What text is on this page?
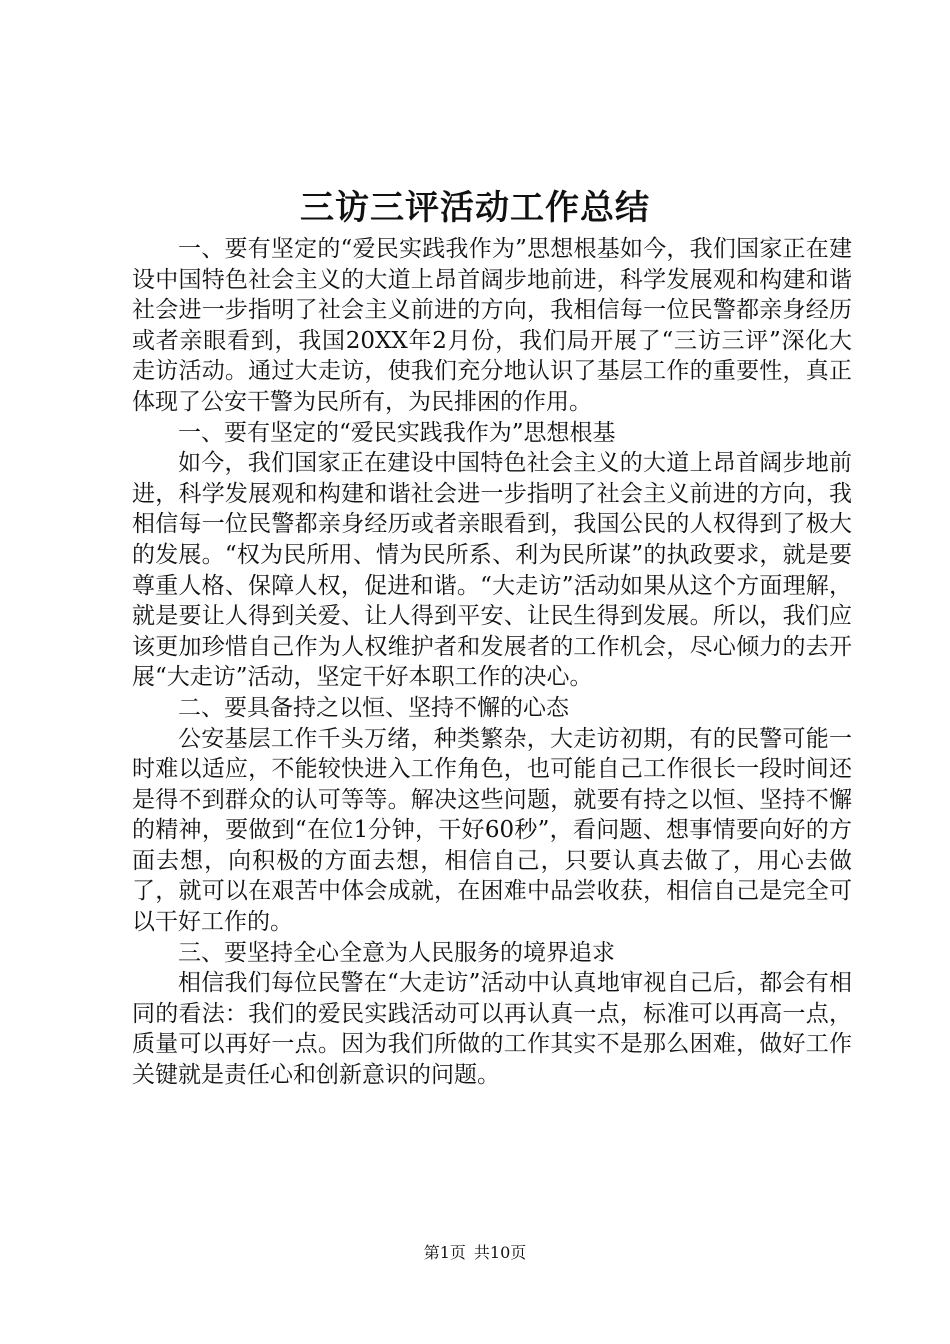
三访三评活动工作总结

一、要有坚定的“爱民实践我作为”思想根基如今，我们国家正在建设中国特色社会主义的大道上昂首阔步地前进，科学发展观和构建和谐社会进一步指明了社会主义前进的方向，我相信每一位民警都亲身经历或者亲眼看到，我国20XX年2月份，我们局开展了“三访三评”深化大走访活动。通过大走访，使我们充分地认识了基层工作的重要性，真正体现了公安干警为民所有，为民排困的作用。

一、要有坚定的“爱民实践我作为”思想根基

如今，我们国家正在建设中国特色社会主义的大道上昂首阔步地前进，科学发展观和构建和谐社会进一步指明了社会主义前进的方向，我相信每一位民警都亲身经历或者亲眼看到，我国公民的人权得到了极大的发展。“权为民所用、情为民所系、利为民所谋”的执政要求，就是要尊重人格、保障人权，促进和谐。“大走访”活动如果从这个方面理解，就是要让人得到关爱、让人得到平安、让民生得到发展。所以，我们应该更加珍惜自己作为人权维护者和发展者的工作机会，尽心倾力的去开展“大走访”活动，坚定干好本职工作的决心。

二、要具备持之以恒、坚持不懈的心态

公安基层工作千头万绪，种类繁杂，大走访初期，有的民警可能一时难以适应，不能较快进入工作角色，也可能自己工作很长一段时间还是得不到群众的认可等等。解决这些问题，就要有持之以恒、坚持不懈的精神，要做到“在位1分钟，干好60秒”，看问题、想事情要向好的方面去想，向积极的方面去想，相信自己，只要认真去做了，用心去做了，就可以在艰苦中体会成就，在困难中品尝收获，相信自己是完全可以干好工作的。

三、要坚持全心全意为人民服务的境界追求

相信我们每位民警在“大走访”活动中认真地审视自己后，都会有相同的看法：我们的爱民实践活动可以再认真一点，标准可以再高一点，质量可以再好一点。因为我们所做的工作其实不是那么困难，做好工作关键就是责任心和创新意识的问题。

第1页 共10页
